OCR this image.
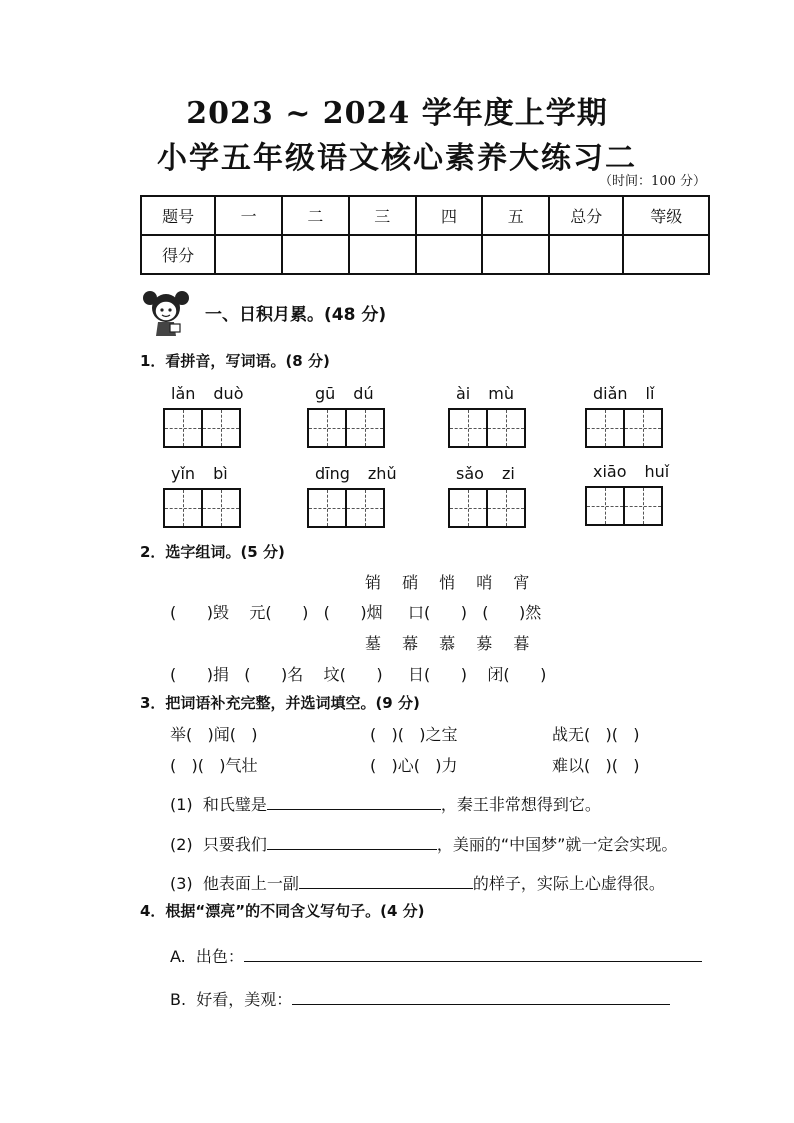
2023 ~ 2024 学年度上学期
小学五年级语文核心素养大练习二
（时间：100 分）
题号	一	二	三	四	五	总分	等级
得分							
一、日积月累。(48 分)
1．看拼音，写词语。(8 分)
lǎn duò	gū dú	ài mù	diǎn lǐ
yǐn bì	dīng zhǔ	sǎo zi	xiāo huǐ
2．选字组词。(5 分)
销 硝 悄 哨 宵
(      )毁    元(      )   (      )烟     口(      )   (      )然
墓 幕 慕 募 暮
(      )捐   (      )名    坟(      )     日(      )    闭(      )
3．把词语补充完整，并选词填空。(9 分)
举(   )闻(   )	(   )(   )之宝	战无(   )(   )
(   )(   )气壮	(   )心(   )力	难以(   )(   )
(1)  和氏璧是	，秦王非常想得到它。
(2)  只要我们	，美丽的“中国梦”就一定会实现。
(3)  他表面上一副	的样子，实际上心虚得很。
4．根据“漂亮”的不同含义写句子。(4 分)
A.  出色：
B.  好看，美观：
